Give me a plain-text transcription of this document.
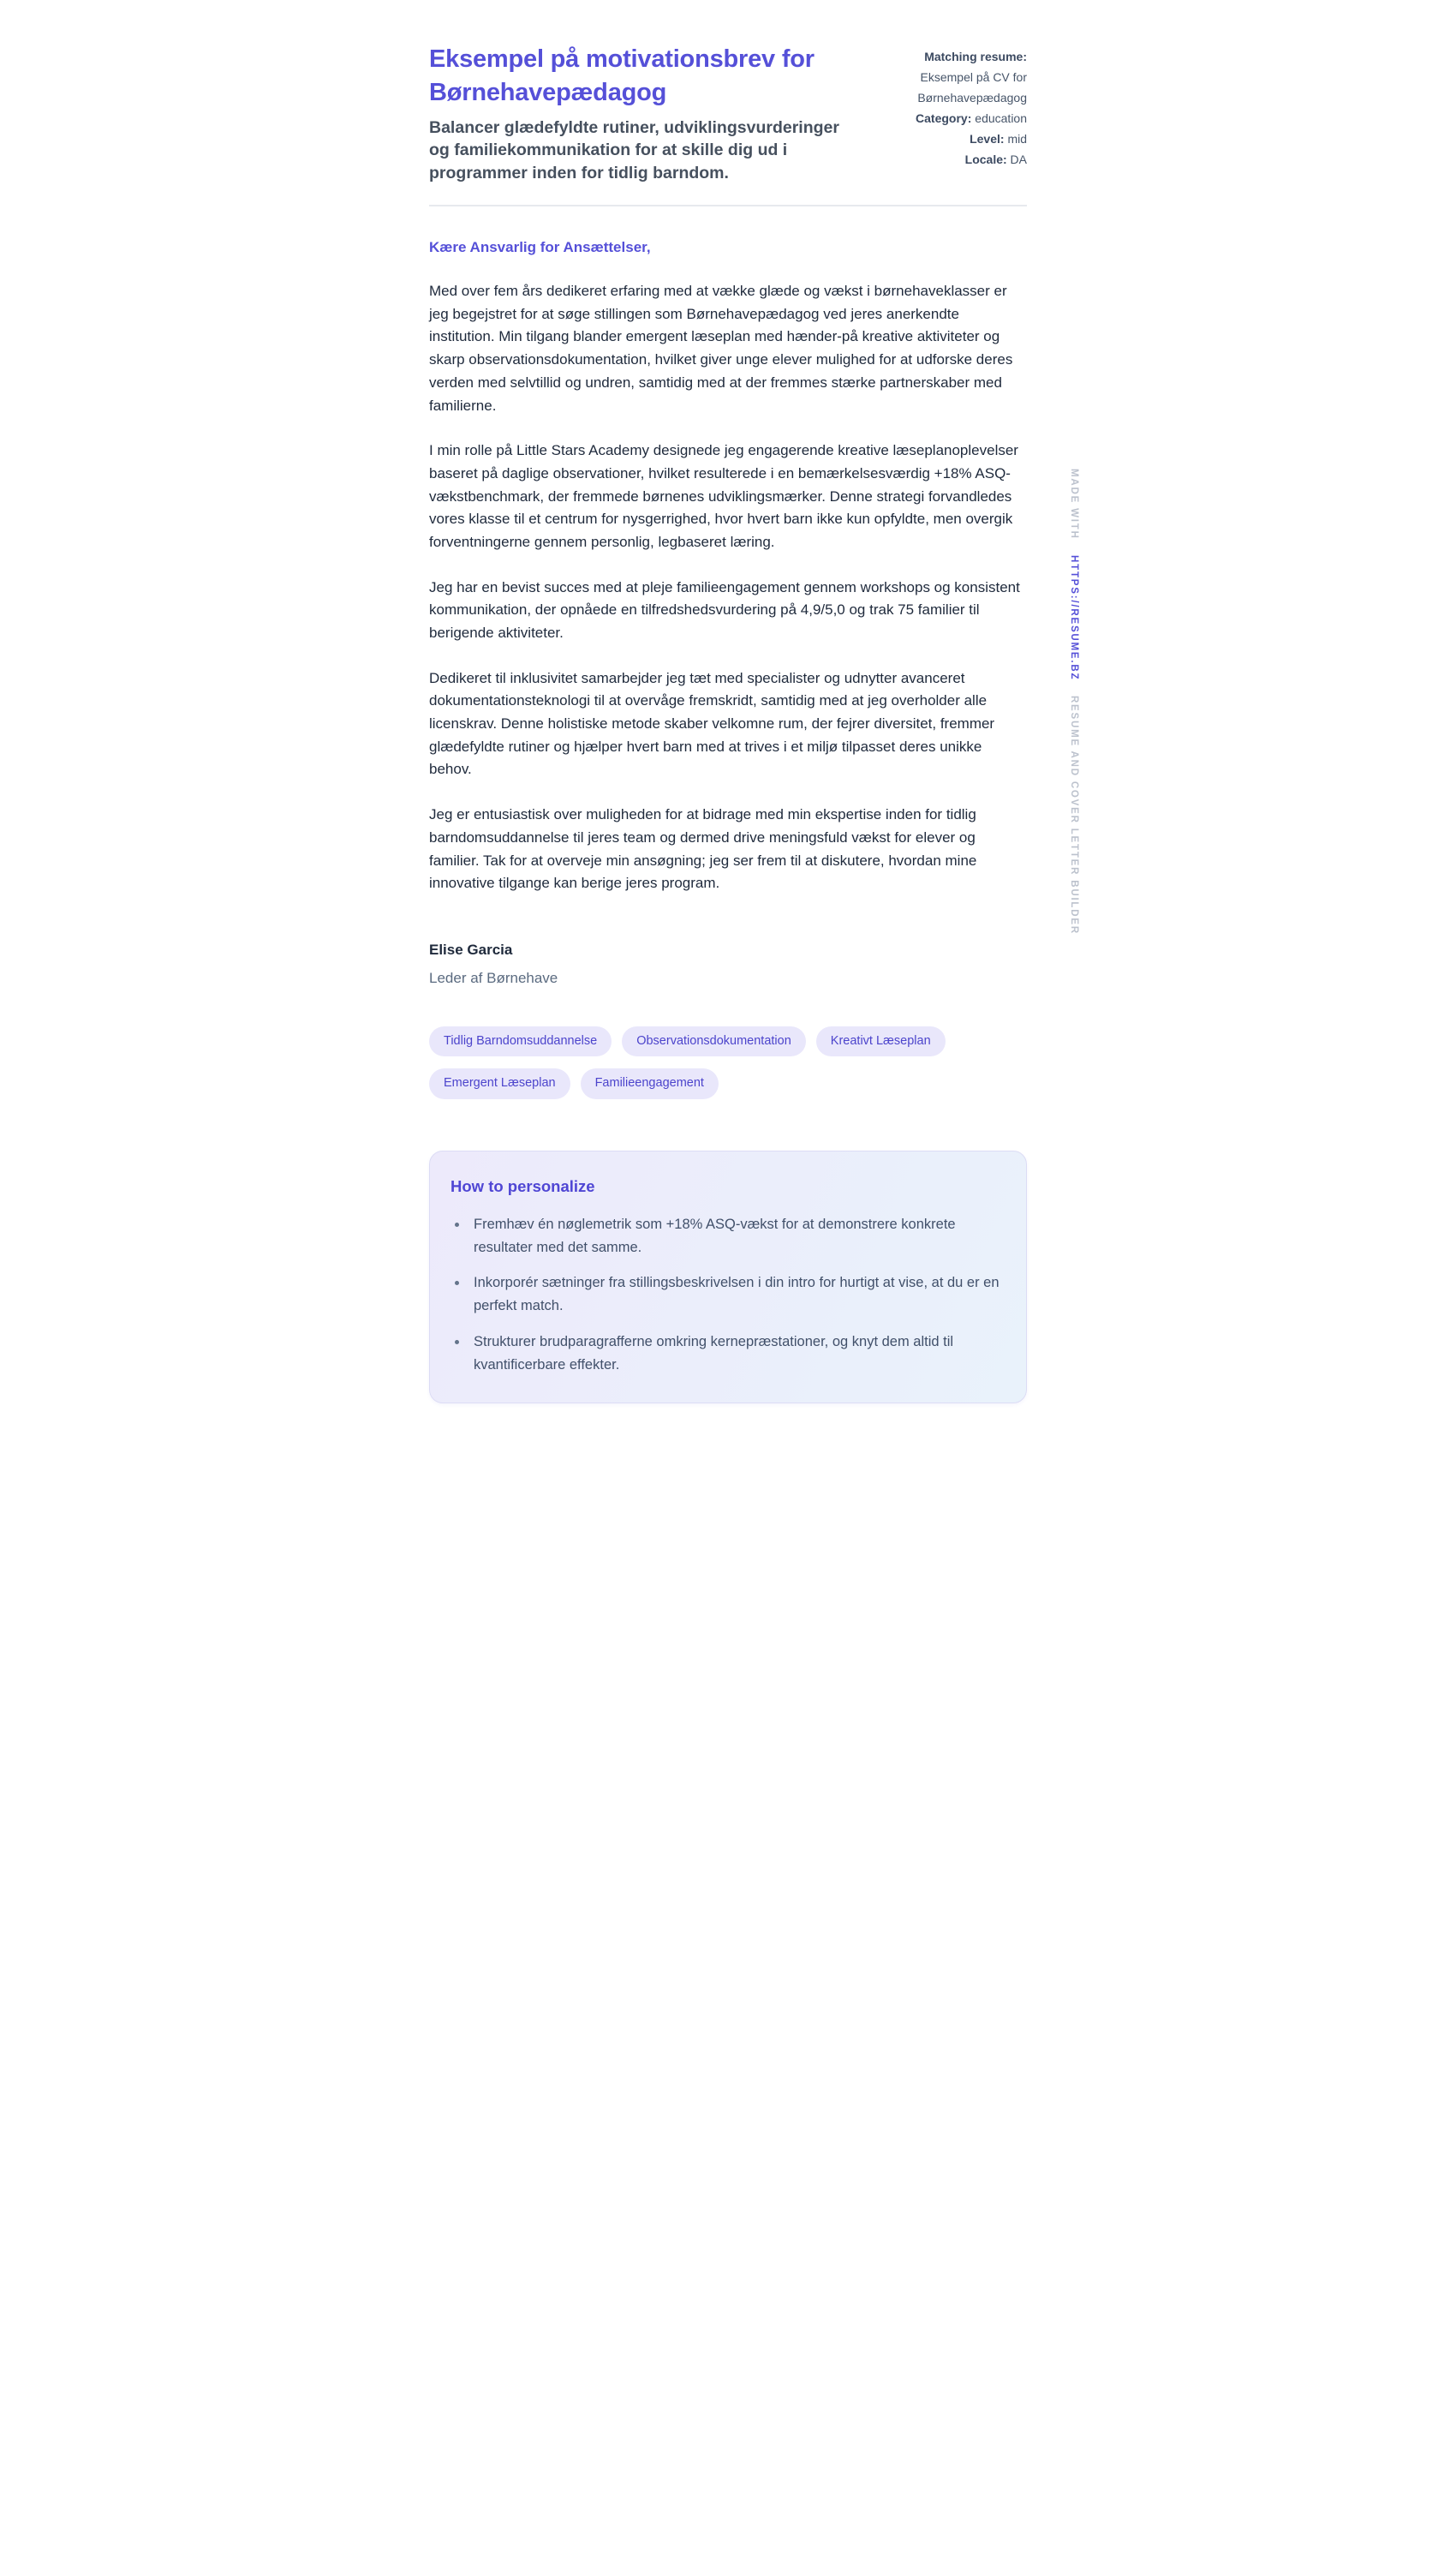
Eksempel på motivationsbrev for
Børnehavepædagog

Balancer glædefyldte rutiner, udviklingsvurderinger og familiekommunikation for at skille dig ud i programmer inden for tidlig barndom.

Matching resume:
Eksempel på CV for Børnehavepædagog
Category: education
Level: mid
Locale: DA

Kære Ansvarlig for Ansættelser,

Med over fem års dedikeret erfaring med at vække glæde og vækst i børnehaveklasser er jeg begejstret for at søge stillingen som Børnehavepædagog ved jeres anerkendte institution. Min tilgang blander emergent læseplan med hænder-på kreative aktiviteter og skarp observationsdokumentation, hvilket giver unge elever mulighed for at udforske deres verden med selvtillid og undren, samtidig med at der fremmes stærke partnerskaber med familierne.

I min rolle på Little Stars Academy designede jeg engagerende kreative læseplanoplevelser baseret på daglige observationer, hvilket resulterede i en bemærkelsesværdig +18% ASQ-vækstbenchmark, der fremmede børnenes udviklingsmærker. Denne strategi forvandledes vores klasse til et centrum for nysgerrighed, hvor hvert barn ikke kun opfyldte, men overgik forventningerne gennem personlig, legbaseret læring.

Jeg har en bevist succes med at pleje familieengagement gennem workshops og konsistent kommunikation, der opnåede en tilfredshedsvurdering på 4,9/5,0 og trak 75 familier til berigende aktiviteter.

Dedikeret til inklusivitet samarbejder jeg tæt med specialister og udnytter avanceret dokumentationsteknologi til at overvåge fremskridt, samtidig med at jeg overholder alle licenskrav. Denne holistiske metode skaber velkomne rum, der fejrer diversitet, fremmer glædefyldte rutiner og hjælper hvert barn med at trives i et miljø tilpasset deres unikke behov.

Jeg er entusiastisk over muligheden for at bidrage med min ekspertise inden for tidlig barndomsuddannelse til jeres team og dermed drive meningsfuld vækst for elever og familier. Tak for at overveje min ansøgning; jeg ser frem til at diskutere, hvordan mine innovative tilgange kan berige jeres program.

Elise Garcia

Leder af Børnehave

Tidlig Barndomsuddannelse	Observationsdokumentation	Kreativt Læseplan
Emergent Læseplan	Familieengagement
How to personalize
• Fremhæv én nøglemetrik som +18% ASQ-vækst for at demonstrere konkrete resultater med det samme.
• Inkorporér sætninger fra stillingsbeskrivelsen i din intro for hurtigt at vise, at du er en perfekt match.
• Strukturer brudparagrafferne omkring kernepræstationer, og knyt dem altid til kvantificerbare effekter.
MADE WITH HTTPS://RESUME.BZ RESUME AND COVER LETTER BUILDER
